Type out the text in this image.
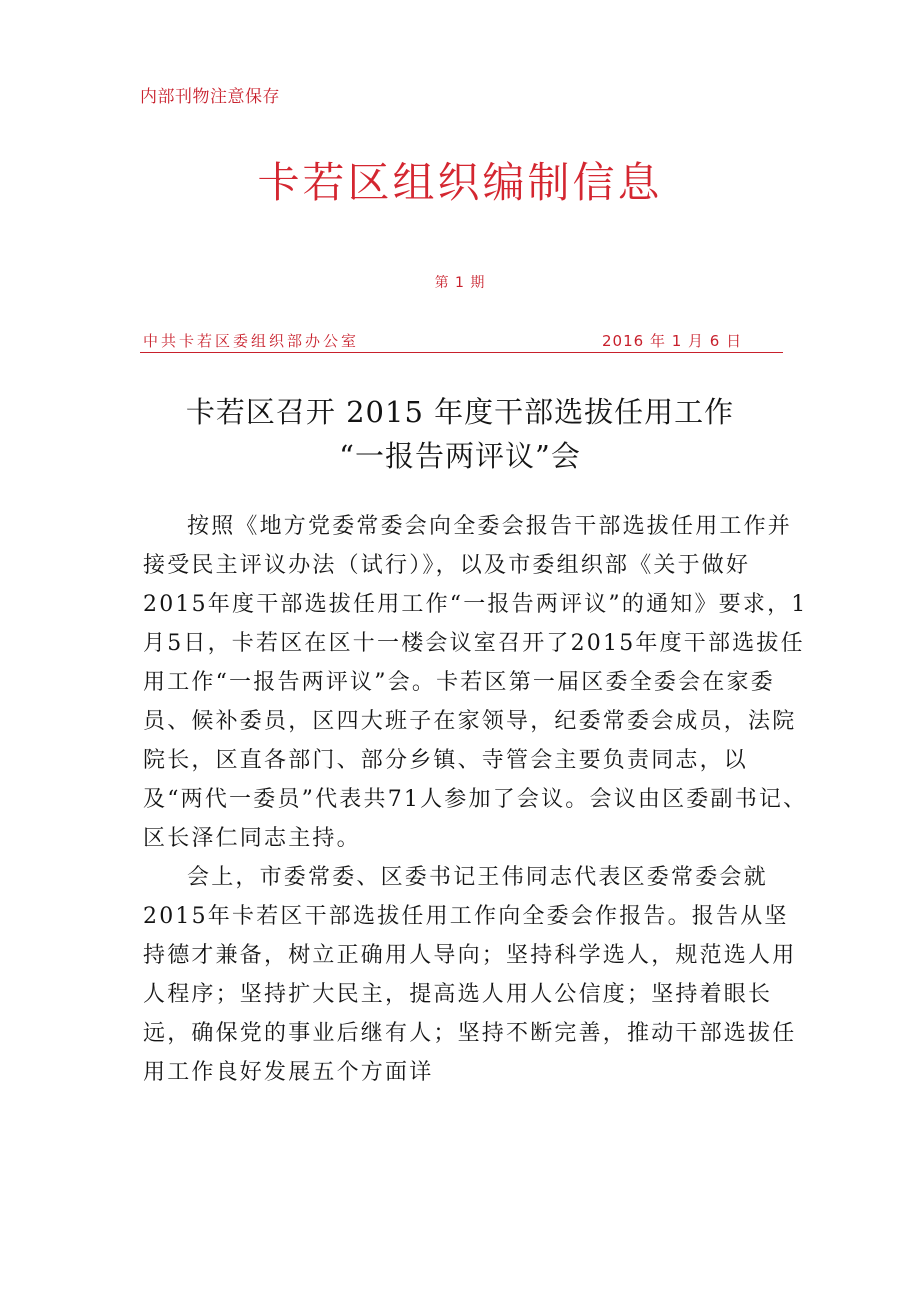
内部刊物注意保存
卡若区组织编制信息
第 1 期
中共卡若区委组织部办公室	2016 年 1 月 6 日
卡若区召开 2015 年度干部选拔任用工作
“一报告两评议”会

按照《地方党委常委会向全委会报告干部选拔任用工作并接受民主评议办法（试行）》，以及市委组织部《关于做好2015年度干部选拔任用工作“一报告两评议”的通知》要求，1月5日，卡若区在区十一楼会议室召开了2015年度干部选拔任用工作“一报告两评议”会。卡若区第一届区委全委会在家委员、候补委员，区四大班子在家领导，纪委常委会成员，法院院长，区直各部门、部分乡镇、寺管会主要负责同志，以及“两代一委员”代表共71人参加了会议。会议由区委副书记、区长泽仁同志主持。

会上，市委常委、区委书记王伟同志代表区委常委会就2015年卡若区干部选拔任用工作向全委会作报告。报告从坚持德才兼备，树立正确用人导向；坚持科学选人，规范选人用人程序；坚持扩大民主，提高选人用人公信度；坚持着眼长远，确保党的事业后继有人；坚持不断完善，推动干部选拔任用工作良好发展五个方面详
